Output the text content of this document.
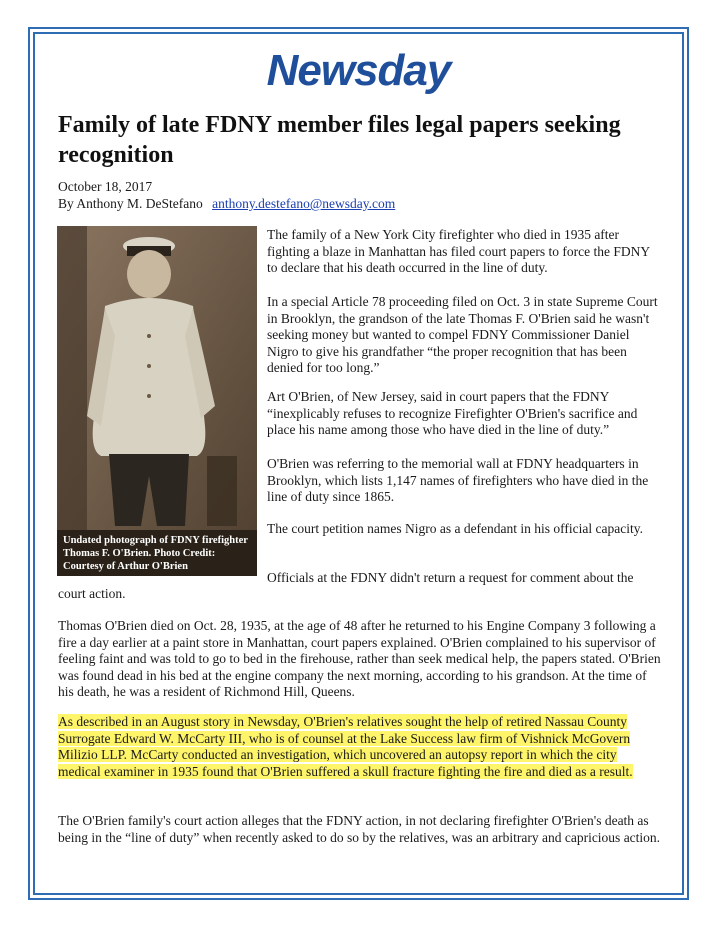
Newsday
Family of late FDNY member files legal papers seeking recognition
October 18, 2017
By Anthony M. DeStefano anthony.destefano@newsday.com
Undated photograph of FDNY firefighter Thomas F. O'Brien. Photo Credit: Courtesy of Arthur O'Brien
The family of a New York City firefighter who died in 1935 after fighting a blaze in Manhattan has filed court papers to force the FDNY to declare that his death occurred in the line of duty.
In a special Article 78 proceeding filed on Oct. 3 in state Supreme Court in Brooklyn, the grandson of the late Thomas F. O'Brien said he wasn't seeking money but wanted to compel FDNY Commissioner Daniel Nigro to give his grandfather “the proper recognition that has been denied for too long.”
Art O'Brien, of New Jersey, said in court papers that the FDNY “inexplicably refuses to recognize Firefighter O'Brien's sacrifice and place his name among those who have died in the line of duty.”
O'Brien was referring to the memorial wall at FDNY headquarters in Brooklyn, which lists 1,147 names of firefighters who have died in the line of duty since 1865.
The court petition names Nigro as a defendant in his official capacity.
Officials at the FDNY didn't return a request for comment about the
court action.
Thomas O'Brien died on Oct. 28, 1935, at the age of 48 after he returned to his Engine Company 3 following a fire a day earlier at a paint store in Manhattan, court papers explained. O'Brien complained to his supervisor of feeling faint and was told to go to bed in the firehouse, rather than seek medical help, the papers stated. O'Brien was found dead in his bed at the engine company the next morning, according to his grandson. At the time of his death, he was a resident of Richmond Hill, Queens.
As described in an August story in Newsday, O'Brien's relatives sought the help of retired Nassau County Surrogate Edward W. McCarty III, who is of counsel at the Lake Success law firm of Vishnick McGovern Milizio LLP. McCarty conducted an investigation, which uncovered an autopsy report in which the city medical examiner in 1935 found that O'Brien suffered a skull fracture fighting the fire and died as a result.
The O'Brien family's court action alleges that the FDNY action, in not declaring firefighter O'Brien's death as being in the “line of duty” when recently asked to do so by the relatives, was an arbitrary and capricious action.
